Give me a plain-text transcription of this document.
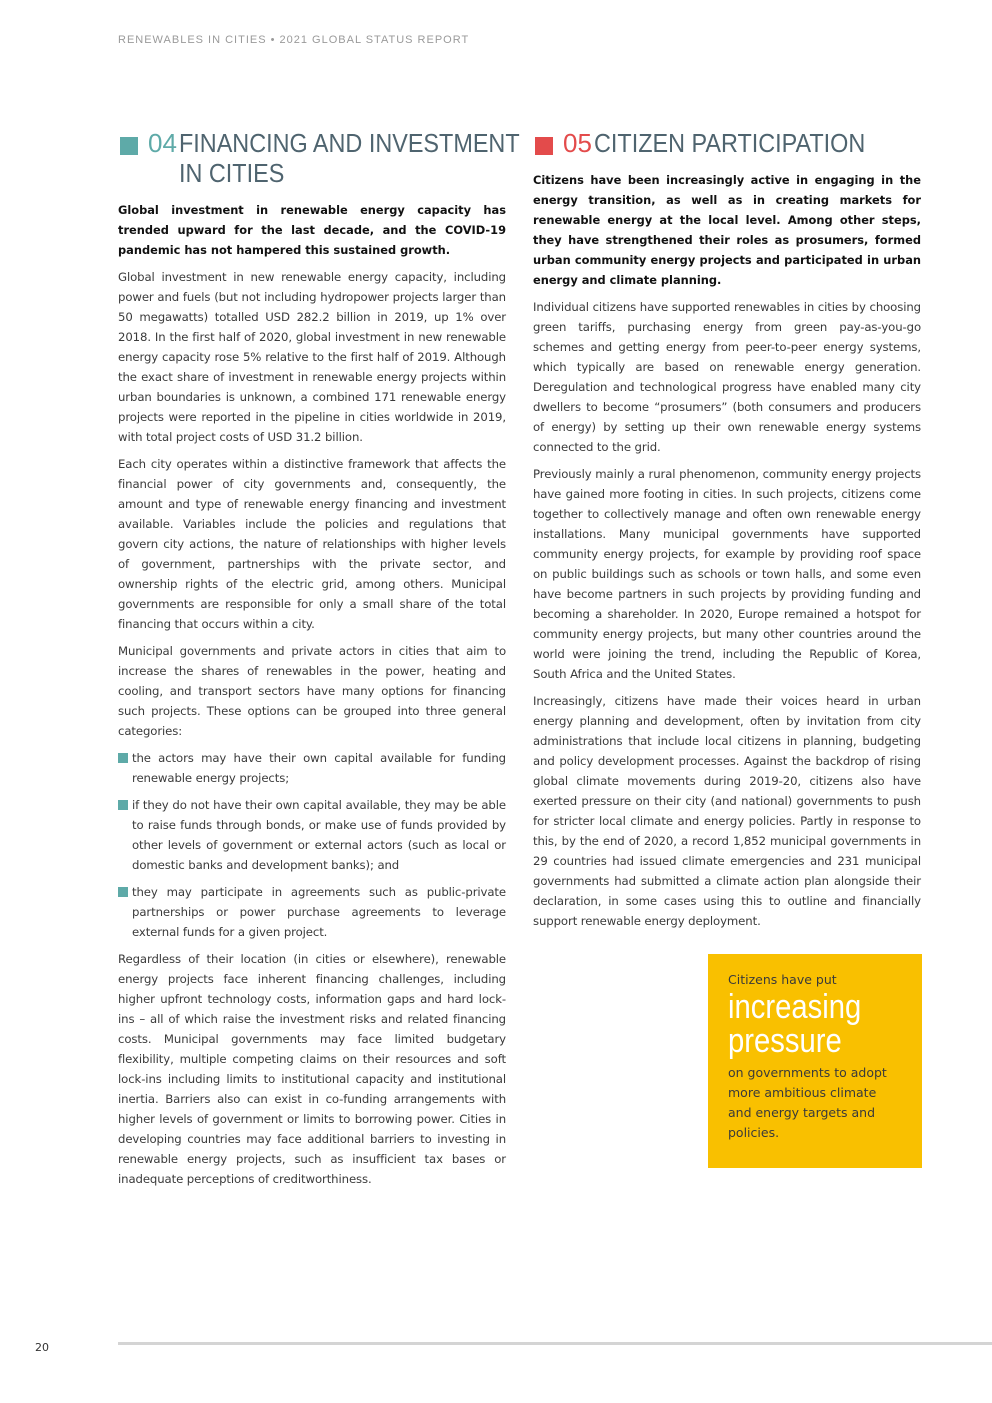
RENEWABLES IN CITIES • 2021 GLOBAL STATUS REPORT
04 FINANCING AND INVESTMENT
IN CITIES

Global investment in renewable energy capacity has trended upward for the last decade, and the COVID-19 pandemic has not hampered this sustained growth.

Global investment in new renewable energy capacity, including power and fuels (but not including hydropower projects larger than 50 megawatts) totalled USD 282.2 billion in 2019, up 1% over 2018. In the first half of 2020, global investment in new renewable energy capacity rose 5% relative to the first half of 2019. Although the exact share of investment in renewable energy projects within urban boundaries is unknown, a combined 171 renewable energy projects were reported in the pipeline in cities worldwide in 2019, with total project costs of USD 31.2 billion.

Each city operates within a distinctive framework that affects the financial power of city governments and, consequently, the amount and type of renewable energy financing and investment available. Variables include the policies and regulations that govern city actions, the nature of relationships with higher levels of government, partnerships with the private sector, and ownership rights of the electric grid, among others. Municipal governments are responsible for only a small share of the total financing that occurs within a city.

Municipal governments and private actors in cities that aim to increase the shares of renewables in the power, heating and cooling, and transport sectors have many options for financing such projects. These options can be grouped into three general categories:

the actors may have their own capital available for funding renewable energy projects;
if they do not have their own capital available, they may be able to raise funds through bonds, or make use of funds provided by other levels of government or external actors (such as local or domestic banks and development banks); and
they may participate in agreements such as public-private partnerships or power purchase agreements to leverage external funds for a given project.

Regardless of their location (in cities or elsewhere), renewable energy projects face inherent financing challenges, including higher upfront technology costs, information gaps and hard lock-ins – all of which raise the investment risks and related financing costs. Municipal governments may face limited budgetary flexibility, multiple competing claims on their resources and soft lock-ins including limits to institutional capacity and institutional inertia. Barriers also can exist in co-funding arrangements with higher levels of government or limits to borrowing power. Cities in developing countries may face additional barriers to investing in renewable energy projects, such as insufficient tax bases or inadequate perceptions of creditworthiness.

05 CITIZEN PARTICIPATION

Citizens have been increasingly active in engaging in the energy transition, as well as in creating markets for renewable energy at the local level. Among other steps, they have strengthened their roles as prosumers, formed urban community energy projects and participated in urban energy and climate planning.

Individual citizens have supported renewables in cities by choosing green tariffs, purchasing energy from green pay-as-you-go schemes and getting energy from peer-to-peer energy systems, which typically are based on renewable energy generation. Deregulation and technological progress have enabled many city dwellers to become “prosumers” (both consumers and producers of energy) by setting up their own renewable energy systems connected to the grid.

Previously mainly a rural phenomenon, community energy projects have gained more footing in cities. In such projects, citizens come together to collectively manage and often own renewable energy installations. Many municipal governments have supported community energy projects, for example by providing roof space on public buildings such as schools or town halls, and some even have become partners in such projects by providing funding and becoming a shareholder. In 2020, Europe remained a hotspot for community energy projects, but many other countries around the world were joining the trend, including the Republic of Korea, South Africa and the United States.

Increasingly, citizens have made their voices heard in urban energy planning and development, often by invitation from city administrations that include local citizens in planning, budgeting and policy development processes. Against the backdrop of rising global climate movements during 2019-20, citizens also have exerted pressure on their city (and national) governments to push for stricter local climate and energy policies. Partly in response to this, by the end of 2020, a record 1,852 municipal governments in 29 countries had issued climate emergencies and 231 municipal governments had submitted a climate action plan alongside their declaration, in some cases using this to outline and financially support renewable energy deployment.

Citizens have put

increasing pressure

on governments to adopt more ambitious climate and energy targets and policies.

20
